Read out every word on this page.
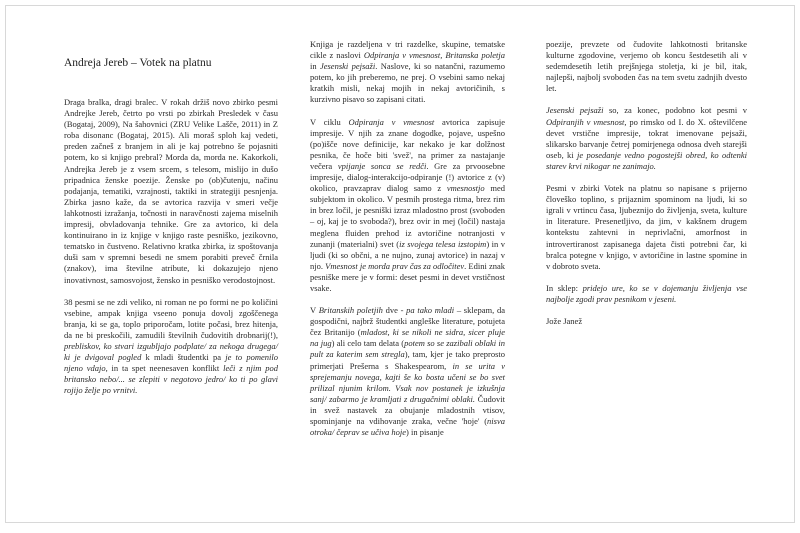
Andreja Jereb – Votek na platnu

Draga bralka, dragi bralec. V rokah držiš novo zbirko pesmi Andrejke Jereb, četrto po vrsti po zbirkah Presledek v času (Bogataj, 2009), Na šahovnici (ZRU Velike Lašče, 2011) in Z roba disonanc (Bogataj, 2015). Ali moraš sploh kaj vedeti, preden začneš z branjem in ali je kaj potrebno še pojasniti potem, ko si knjigo prebral? Morda da, morda ne. Kakorkoli, Andrejka Jereb je z vsem srcem, s telesom, mislijo in dušo pripadnica ženske poezije. Ženske po (ob)čutenju, načinu podajanja, tematiki, vzrajnosti, taktiki in strategiji pesnjenja. Zbirka jasno kaže, da se avtorica razvija v smeri večje lahkotnosti izražanja, točnosti in naravčnosti zajema miselnih impresij, obvladovanja tehnike. Gre za avtorico, ki dela kontinuirano in iz knjige v knjigo raste pesniško, jezikovno, tematsko in čustveno. Relativno kratka zbirka, iz spoštovanja duši sam v spremni besedi ne smem porabiti preveč črnila (znakov), ima številne atribute, ki dokazujejo njeno inovativnost, samosvojost, žensko in pesniško verodostojnost.

38 pesmi se ne zdi veliko, ni roman ne po formi ne po količini vsebine, ampak knjiga vseeno ponuja dovolj zgoščenega branja, ki se ga, toplo priporočam, lotite počasi, brez hitenja, da ne bi preskočili, zamudili številnih čudovitih drobnarij(!), prebliskov, ko stvari izgubljajo podplate/ za nekoga drugega/ ki je dvigoval pogled k mladi študentki pa je to pomenilo njeno vdajo, in ta spet neenesaven konflikt leči z njim pod britansko nebo/... se zlepiti v negotovo jedro/ ko ti po glavi rojijo želje po vrnitvi.

Knjiga je razdeljena v tri razdelke, skupine, tematske cikle z naslovi Odpiranja v vmesnost, Britanska poletja in Jesenski pejsaži. Naslove, ki so natančni, razumemo potem, ko jih preberemo, ne prej. O vsebini samo nekaj kratkih misli, nekaj mojih in nekaj avtoričinih, s kurzivno pisavo so zapisani citati.

V ciklu Odpiranja v vmesnost avtorica zapisuje impresije. V njih za znane dogodke, pojave, uspešno (po)išče nove definicije, kar nekako je kar dolžnost pesnika, če hoče biti 'svež', na primer za nastajanje večera vpijanje sonca se redči. Gre za prvoosebne impresije, dialog-interakcijo-odpiranje (!) avtorice z (v) okolico, pravzaprav dialog samo z vmesnostjo med subjektom in okolico. V pesmih prostega ritma, brez rim in brez ločil, je pesniški izraz mladostno prost (svoboden – oj, kaj je to svoboda?), brez ovir in mej (ločil) nastaja meglena fluiden prehod iz avtoričine notranjosti v zunanji (materialni) svet (iz svojega telesa izstopim) in v ljudi (ki so občni, a ne nujno, zunaj avtorice) in nazaj v njo. Vmesnost je morda prav čas za odločitev. Edini znak pesniške mere je v formi: deset pesmi in devet vrstičnost vsake.

V Britanskih poletjih dve - pa tako mladi – sklepam, da gospodični, najbrž študentki angleške literature, potujeta čez Britanijo (mladost, ki se nikoli ne sidra, sicer pluje na jug) ali celo tam delata (potem so se zazibali oblaki in pult za katerim sem stregla), tam, kjer je tako preprosto primerjati Prešerna s Shakespearom, in se urita v sprejemanju novega, kajti še ko bosta učeni se bo svet prilizal njunim krilom. Vsak nov postanek je izkušnja sanj/ zabarmo je kramljati z drugačnimi oblaki. Čudovit in svež nastavek za obujanje mladostnih vtisov, spominjanje na vdihovanje zraka, večne 'hoje' (nisva otroka/ čeprav se učiva hoje) in pisanje

poezije, prevzete od čudovite lahkotnosti britanske kulturne zgodovine, verjemo ob koncu šestdesetih ali v sedemdesetih letih prejšnjega stoletja, ki je bil, itak, najlepši, najbolj svoboden čas na tem svetu zadnjih dvesto let.

Jesenski pejsaži so, za konec, podobno kot pesmi v Odpiranjih v vmesnost, po rimsko od I. do X. oštevilčene devet vrstične impresije, tokrat imenovane pejsaži, slikarsko barvanje četrej pomirjenega odnosa dveh starejši oseb, ki je posedanje vedno pogostejši obred, ko odtenki starev krvi nikogar ne zanimajo.

Pesmi v zbirki Votek na platnu so napisane s prijerno človeško toplino, s prijaznim spominom na ljudi, ki so igrali v vrtincu časa, ljubeznijo do življenja, sveta, kulture in literature. Presenetljivo, da jim, v kakšnem drugem kontekstu zahtevni in neprivlačni, amorfnost in introvertiranost zapisanega dajeta čisti potrebni čar, ki bralca potegne v knjigo, v avtoričine in lastne spomine in v dobroto sveta.

In sklep: pridejo ure, ko se v dojemanju življenja vse najbolje zgodi prav pesnikom v jeseni.

Jože Janež
